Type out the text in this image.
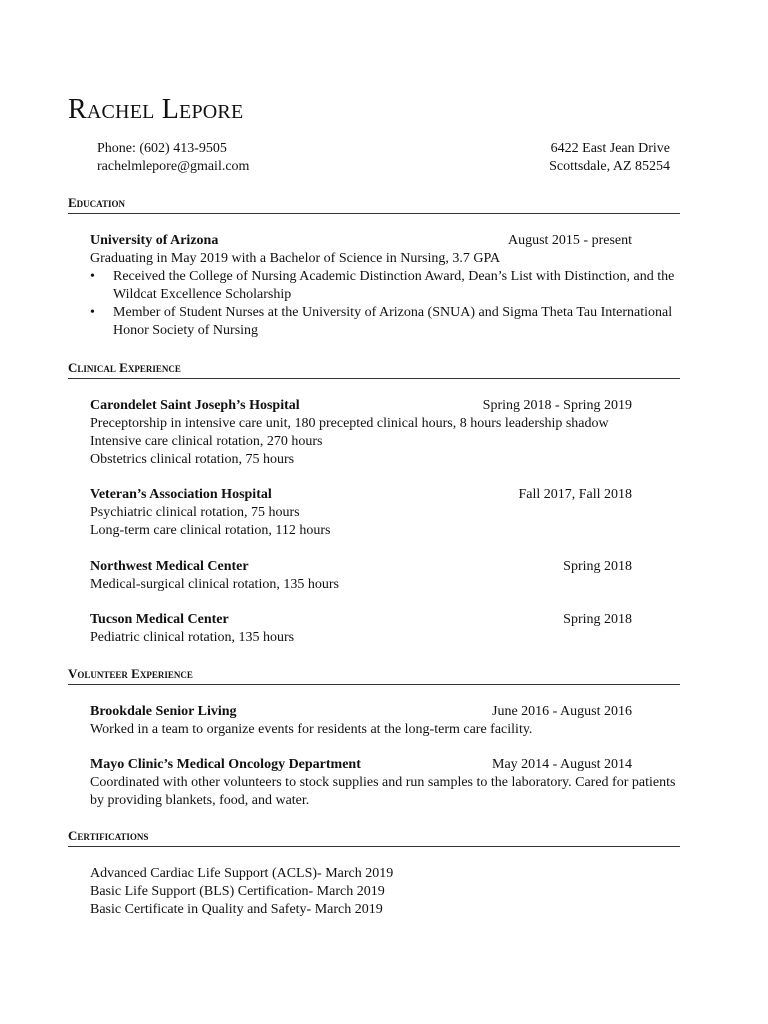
Rachel Lepore
Phone: (602) 413-9505
rachelmlepore@gmail.com
6422 East Jean Drive
Scottsdale, AZ 85254
Education
University of Arizona	August 2015 - present
Graduating in May 2019 with a Bachelor of Science in Nursing, 3.7 GPA
• Received the College of Nursing Academic Distinction Award, Dean’s List with Distinction, and the Wildcat Excellence Scholarship
• Member of Student Nurses at the University of Arizona (SNUA) and Sigma Theta Tau International Honor Society of Nursing
Clinical Experience
Carondelet Saint Joseph’s Hospital	Spring 2018 - Spring 2019
Preceptorship in intensive care unit, 180 precepted clinical hours, 8 hours leadership shadow
Intensive care clinical rotation, 270 hours
Obstetrics clinical rotation, 75 hours
Veteran’s Association Hospital	Fall 2017, Fall 2018
Psychiatric clinical rotation, 75 hours
Long-term care clinical rotation, 112 hours
Northwest Medical Center	Spring 2018
Medical-surgical clinical rotation, 135 hours
Tucson Medical Center	Spring 2018
Pediatric clinical rotation, 135 hours
Volunteer Experience
Brookdale Senior Living	June 2016 - August 2016
Worked in a team to organize events for residents at the long-term care facility.
Mayo Clinic’s Medical Oncology Department	May 2014 - August 2014
Coordinated with other volunteers to stock supplies and run samples to the laboratory. Cared for patients by providing blankets, food, and water.
Certifications
Advanced Cardiac Life Support (ACLS)- March 2019
Basic Life Support (BLS) Certification- March 2019
Basic Certificate in Quality and Safety- March 2019
